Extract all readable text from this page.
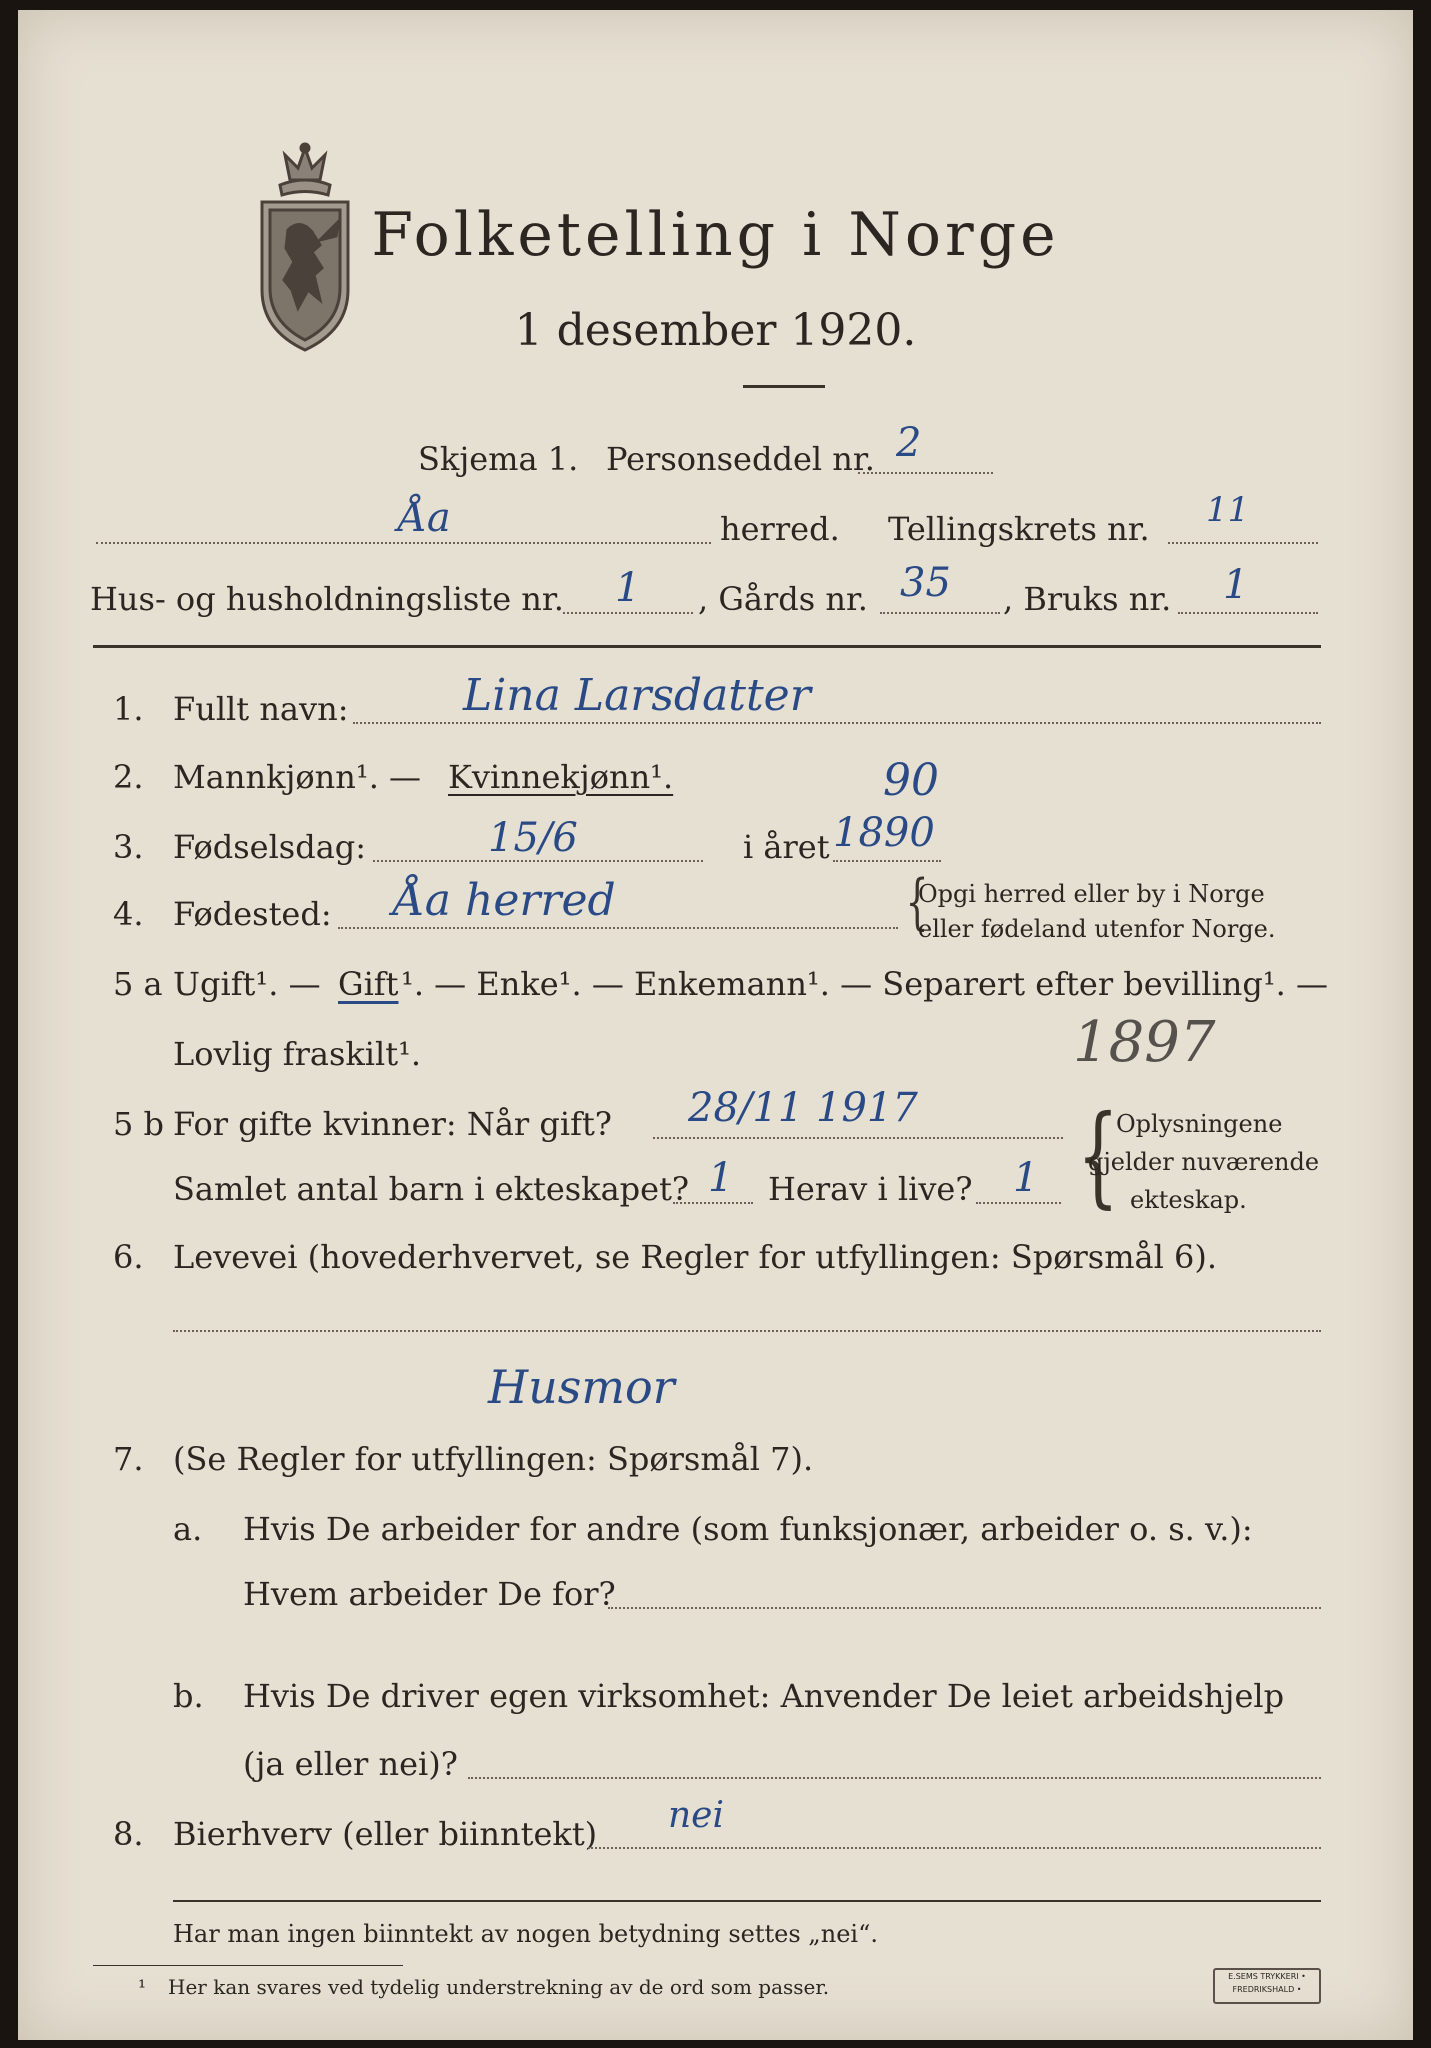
Folketelling i Norge
1 desember 1920.
Skjema 1. Personseddel nr. 2
Åa	herred. Tellingskrets nr. 11
Hus- og husholdningsliste nr. 1 , Gårds nr. 35 , Bruks nr. 1
1. Fullt navn:	Lina Larsdatter
2. Mannkjønn¹. — Kvinnekjønn¹.	90
3. Fødselsdag:	15/6	i året 1890
4. Fødested: Åa herred	{
Opgi herred eller by i Norge
eller fødeland utenfor Norge.
5 a Ugift¹. — Gift ¹. — Enke¹. — Enkemann¹. — Separert efter bevilling¹. —
Lovlig fraskilt¹.	1897
5 b For gifte kvinner: Når gift? 28/11 1917
Samlet antal barn i ekteskapet? 1 Herav i live? 1 {
Oplysningene
gjelder nuværende
ekteskap.
6. Levevei (hovederhvervet, se Regler for utfyllingen: Spørsmål 6).
Husmor
7. (Se Regler for utfyllingen: Spørsmål 7).
a. Hvis De arbeider for andre (som funksjonær, arbeider o. s. v.):
Hvem arbeider De for?
b. Hvis De driver egen virksomhet: Anvender De leiet arbeidshjelp
(ja eller nei)?
8. Bierhverv (eller biinntekt) nei
Har man ingen biinntekt av nogen betydning settes „nei“.
¹ Her kan svares ved tydelig understrekning av de ord som passer.	E.SEMS TRYKKERI • FREDRIKSHALD •
